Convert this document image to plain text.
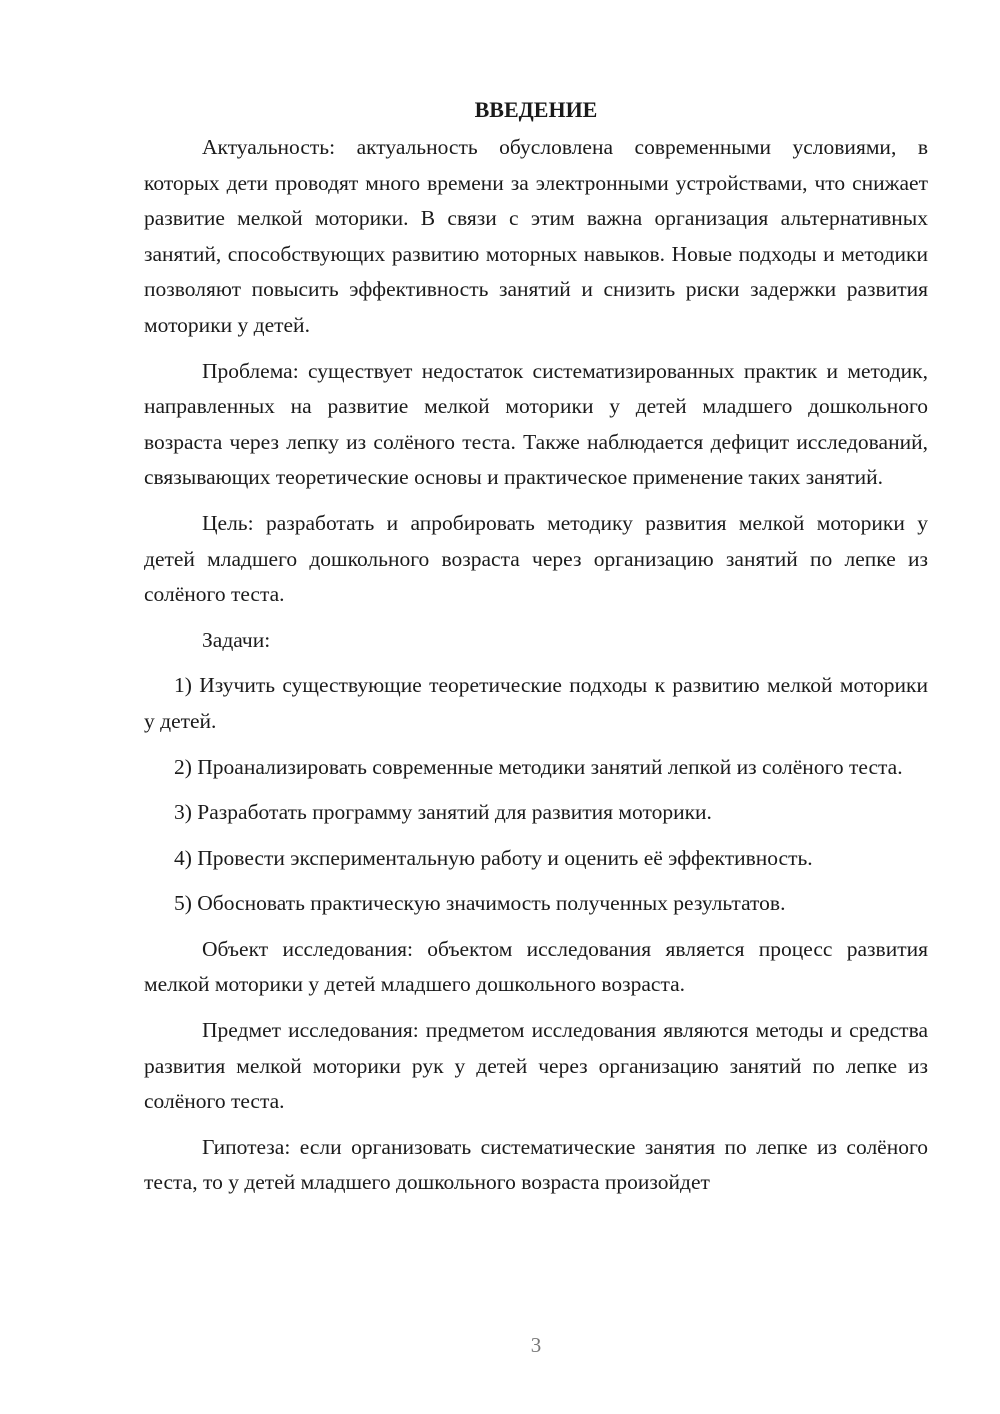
ВВЕДЕНИЕ

Актуальность: актуальность обусловлена современными условиями, в которых дети проводят много времени за электронными устройствами, что снижает развитие мелкой моторики. В связи с этим важна организация альтернативных занятий, способствующих развитию моторных навыков. Новые подходы и методики позволяют повысить эффективность занятий и снизить риски задержки развития моторики у детей.

Проблема: существует недостаток систематизированных практик и методик, направленных на развитие мелкой моторики у детей младшего дошкольного возраста через лепку из солёного теста. Также наблюдается дефицит исследований, связывающих теоретические основы и практическое применение таких занятий.

Цель: разработать и апробировать методику развития мелкой моторики у детей младшего дошкольного возраста через организацию занятий по лепке из солёного теста.

Задачи:

1) Изучить существующие теоретические подходы к развитию мелкой моторики у детей.

2) Проанализировать современные методики занятий лепкой из солёного теста.

3) Разработать программу занятий для развития моторики.

4) Провести экспериментальную работу и оценить её эффективность.

5) Обосновать практическую значимость полученных результатов.

Объект исследования: объектом исследования является процесс развития мелкой моторики у детей младшего дошкольного возраста.

Предмет исследования: предметом исследования являются методы и средства развития мелкой моторики рук у детей через организацию занятий по лепке из солёного теста.

Гипотеза: если организовать систематические занятия по лепке из солёного теста, то у детей младшего дошкольного возраста произойдет

3
